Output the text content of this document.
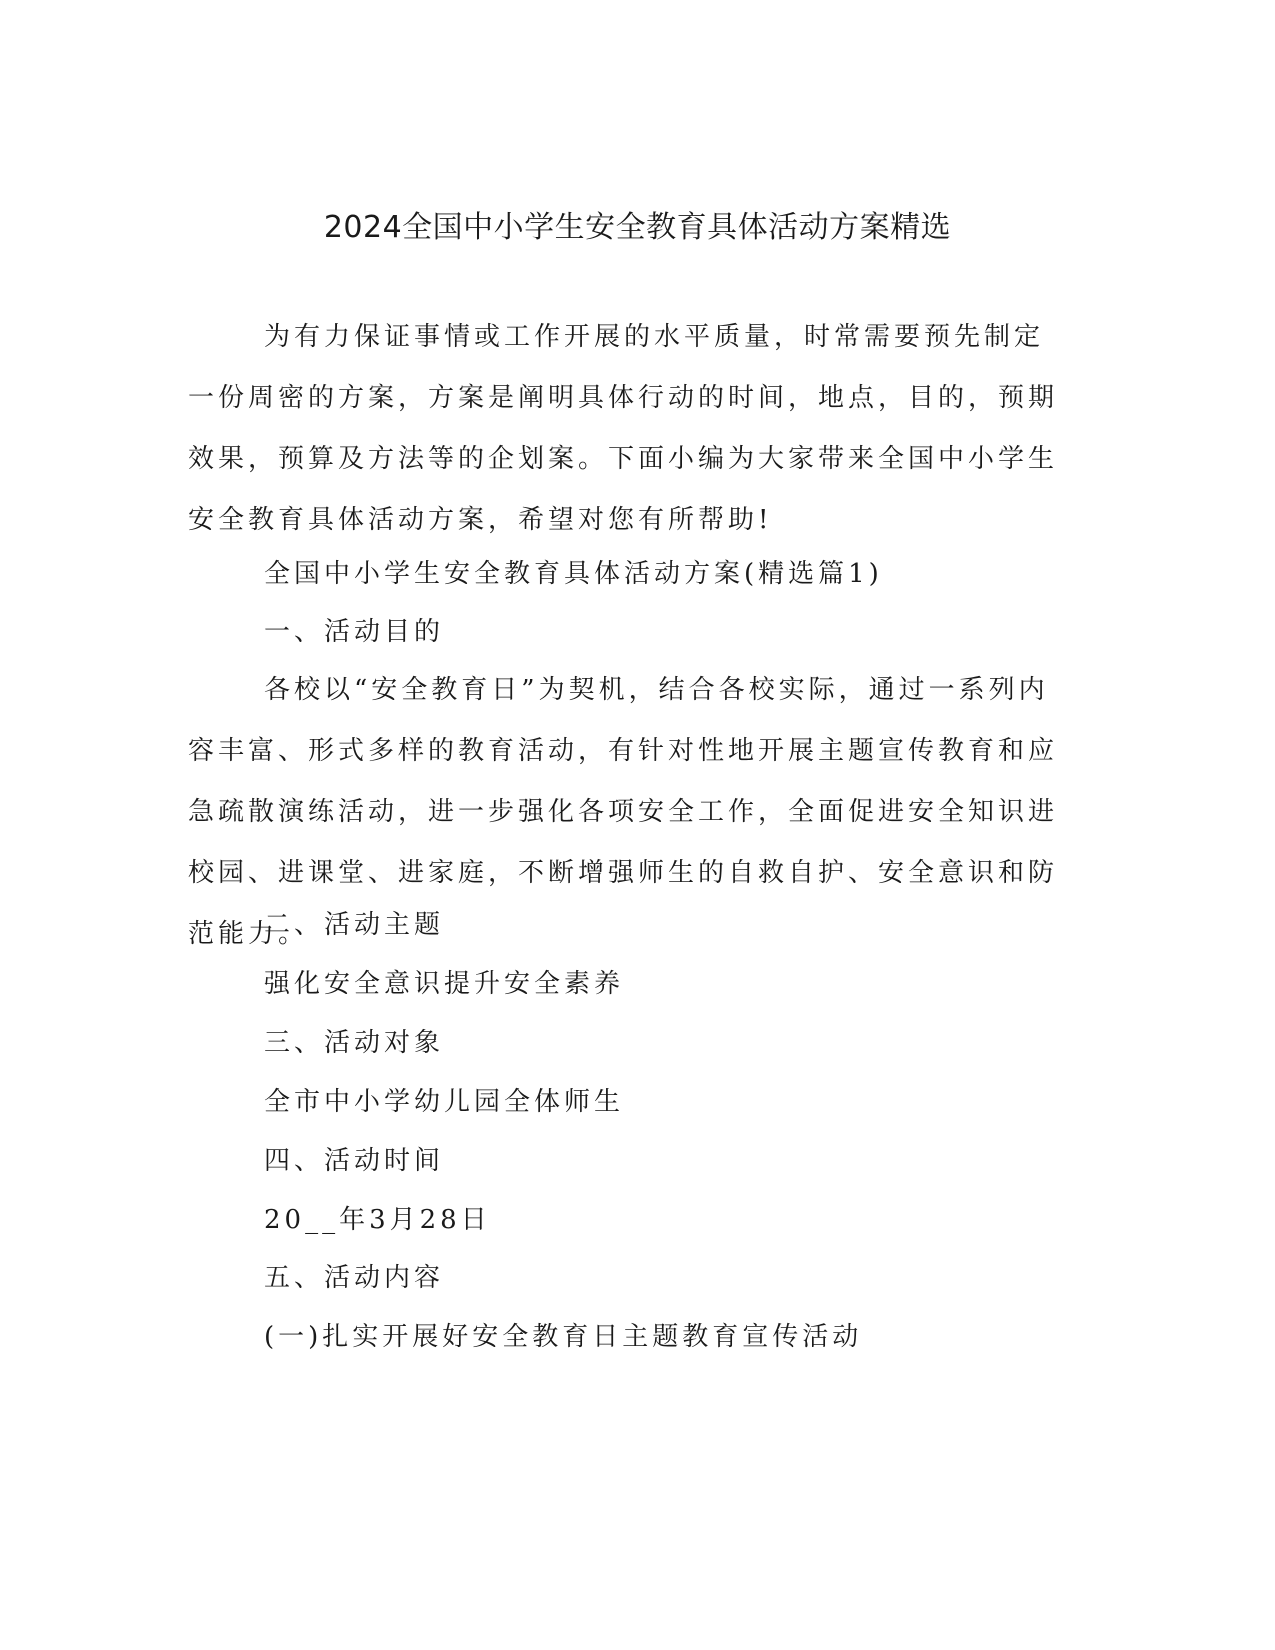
2024全国中小学生安全教育具体活动方案精选

为有力保证事情或工作开展的水平质量，时常需要预先制定一份周密的方案，方案是阐明具体行动的时间，地点，目的，预期效果，预算及方法等的企划案。下面小编为大家带来全国中小学生安全教育具体活动方案，希望对您有所帮助!

全国中小学生安全教育具体活动方案(精选篇1)

一、活动目的

各校以“安全教育日”为契机，结合各校实际，通过一系列内容丰富、形式多样的教育活动，有针对性地开展主题宣传教育和应急疏散演练活动，进一步强化各项安全工作，全面促进安全知识进校园、进课堂、进家庭，不断增强师生的自救自护、安全意识和防范能力。

二、活动主题

强化安全意识提升安全素养

三、活动对象

全市中小学幼儿园全体师生

四、活动时间

20__年3月28日

五、活动内容

(一)扎实开展好安全教育日主题教育宣传活动
